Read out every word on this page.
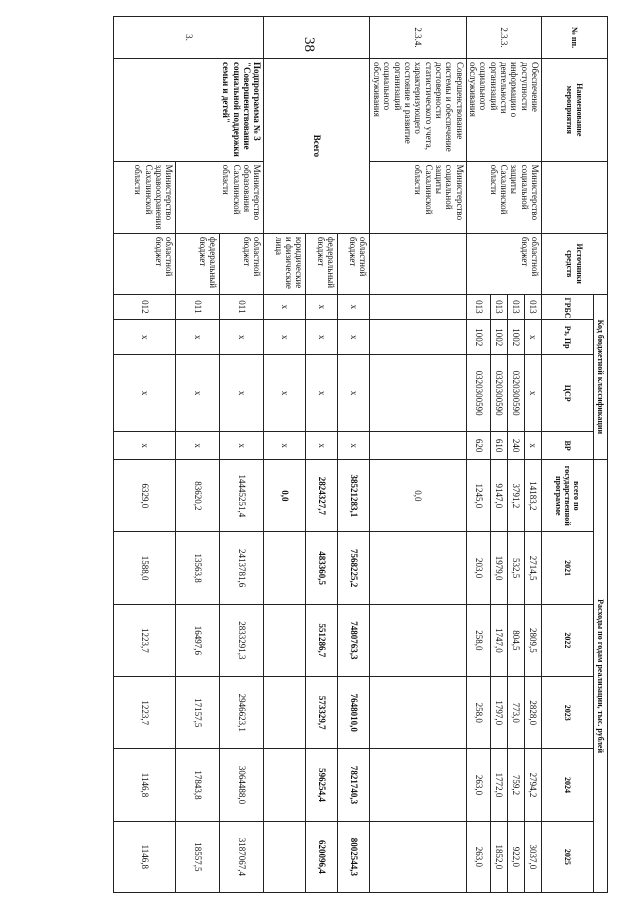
38	№ пп.	Наименование мероприятия		Источники средств	Код бюджетной классификации				Расходы по годам реализации, тыс. рублей					
				ГРБС	Рз, Пр	ЦСР	ВР	всего по государственной программе	2021	2022	2023	2024	2025
2.3.3.	Обеспечение доступности информации о деятельности организаций социального обслуживания	Министерство социальной защиты Сахалинской области	областной бюджет	013	x	x	x	14183,2	2714,5	2809,5	2828,0	2794,2	3037,0
				013	1002	0320300590	240	3791,2	532,5	804,5	773,0	759,2	922,0
				013	1002	0320300590	610	9147,0	1979,0	1747,0	1797,0	1772,0	1852,0
				013	1002	0320300590	620	1245,0	203,0	258,0	258,0	263,0	263,0
2.3.4.	Совершенствование системы и обеспечение достоверности статистического учета, характеризующего состояние и развитие организаций социального обслуживания	Министерство социальной защиты Сахалинской области						0,0					
	Всего		областной бюджет	x	x	x	x	38521283,1	7568225,2	7480763,3	7648010,0	7821740,3	8002544,3
			федеральный бюджет	x	x	x	x	2824327,7	483360,5	551286,7	573329,7	596254,4	620096,4
			юридические и физические лица	x	x	x	x	0,0					
3.	Подпрограмма № 3 "Совершенствование социальной поддержки семьи и детей"	Министерство образования Сахалинской области	областной бюджет	011	x	x	x	14445251,4	2413781,6	2833291,3	2946623,1	3064488,0	3187067,4
			федеральный бюджет	011	x	x	x	83620,2	13563,8	16497,6	17157,5	17843,8	18557,5
		Министерство здравоохранения Сахалинской области	областной бюджет	012	x	x	x	6329,0	1588,0	1223,7	1223,7	1146,8	1146,8
